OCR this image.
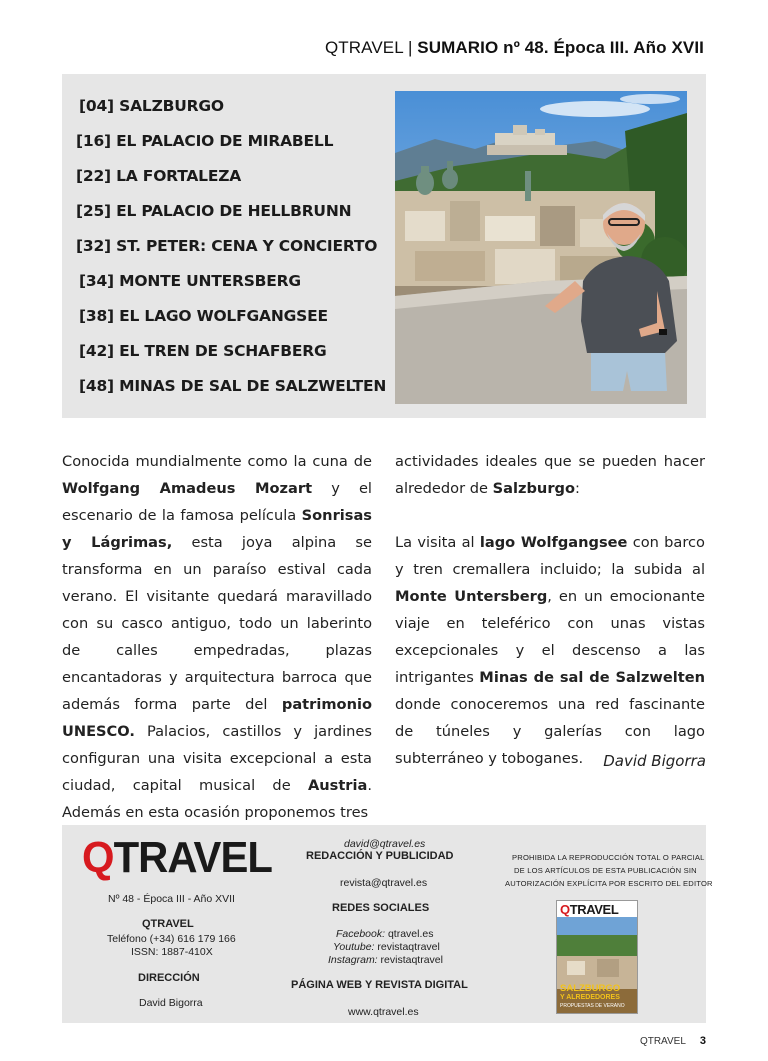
QTRAVEL | SUMARIO nº 48. Época III. Año XVII
[04] SALZBURGO
[16] EL PALACIO DE MIRABELL
[22] LA FORTALEZA
[25] EL PALACIO DE HELLBRUNN
[32] ST. PETER: CENA Y CONCIERTO
[34] MONTE UNTERSBERG
[38] EL LAGO WOLFGANGSEE
[42] EL TREN DE SCHAFBERG
[48] MINAS DE SAL DE SALZWELTEN

Conocida mundialmente como la cuna de Wolfgang Amadeus Mozart y el escenario de la famosa película Sonrisas y Lágrimas, esta joya alpina se transforma en un paraíso estival cada verano. El visitante quedará maravillado con su casco antiguo, todo un laberinto de calles empedradas, plazas encantadoras y arquitectura barroca que además forma parte del patrimonio UNESCO. Palacios, castillos y jardines configuran una visita excepcional a esta ciudad, capital musical de Austria. Además en esta ocasión proponemos tres

actividades ideales que se pueden hacer alrededor de Salzburgo:

La visita al lago Wolfgangsee con barco y tren cremallera incluido; la subida al Monte Untersberg, en un emocionante viaje en teleférico con unas vistas excepcionales y el descenso a las intrigantes Minas de sal de Salzwelten donde conoceremos una red fascinante de túneles y galerías con lago subterráneo y toboganes.	David Bigorra
QTRAVEL
Nº 48 - Época III - Año XVII
QTRAVEL
Teléfono (+34) 616 179 166
ISSN: 1887-410X
DIRECCIÓN
David Bigorra
david@qtravel.es
REDACCIÓN Y PUBLICIDAD
revista@qtravel.es
REDES SOCIALES
Facebook: qtravel.es
Youtube: revistaqtravel
Instagram: revistaqtravel
PÁGINA WEB Y REVISTA DIGITAL
www.qtravel.es
PROHIBIDA LA REPRODUCCIÓN TOTAL O PARCIAL
DE LOS ARTÍCULOS DE ESTA PUBLICACIÓN SIN
AUTORIZACIÓN EXPLÍCITA POR ESCRITO DEL EDITOR
QTRAVEL
SALZBURGO
Y ALREDEDORES
PROPUESTAS DE VERANO
QTRAVEL 3
